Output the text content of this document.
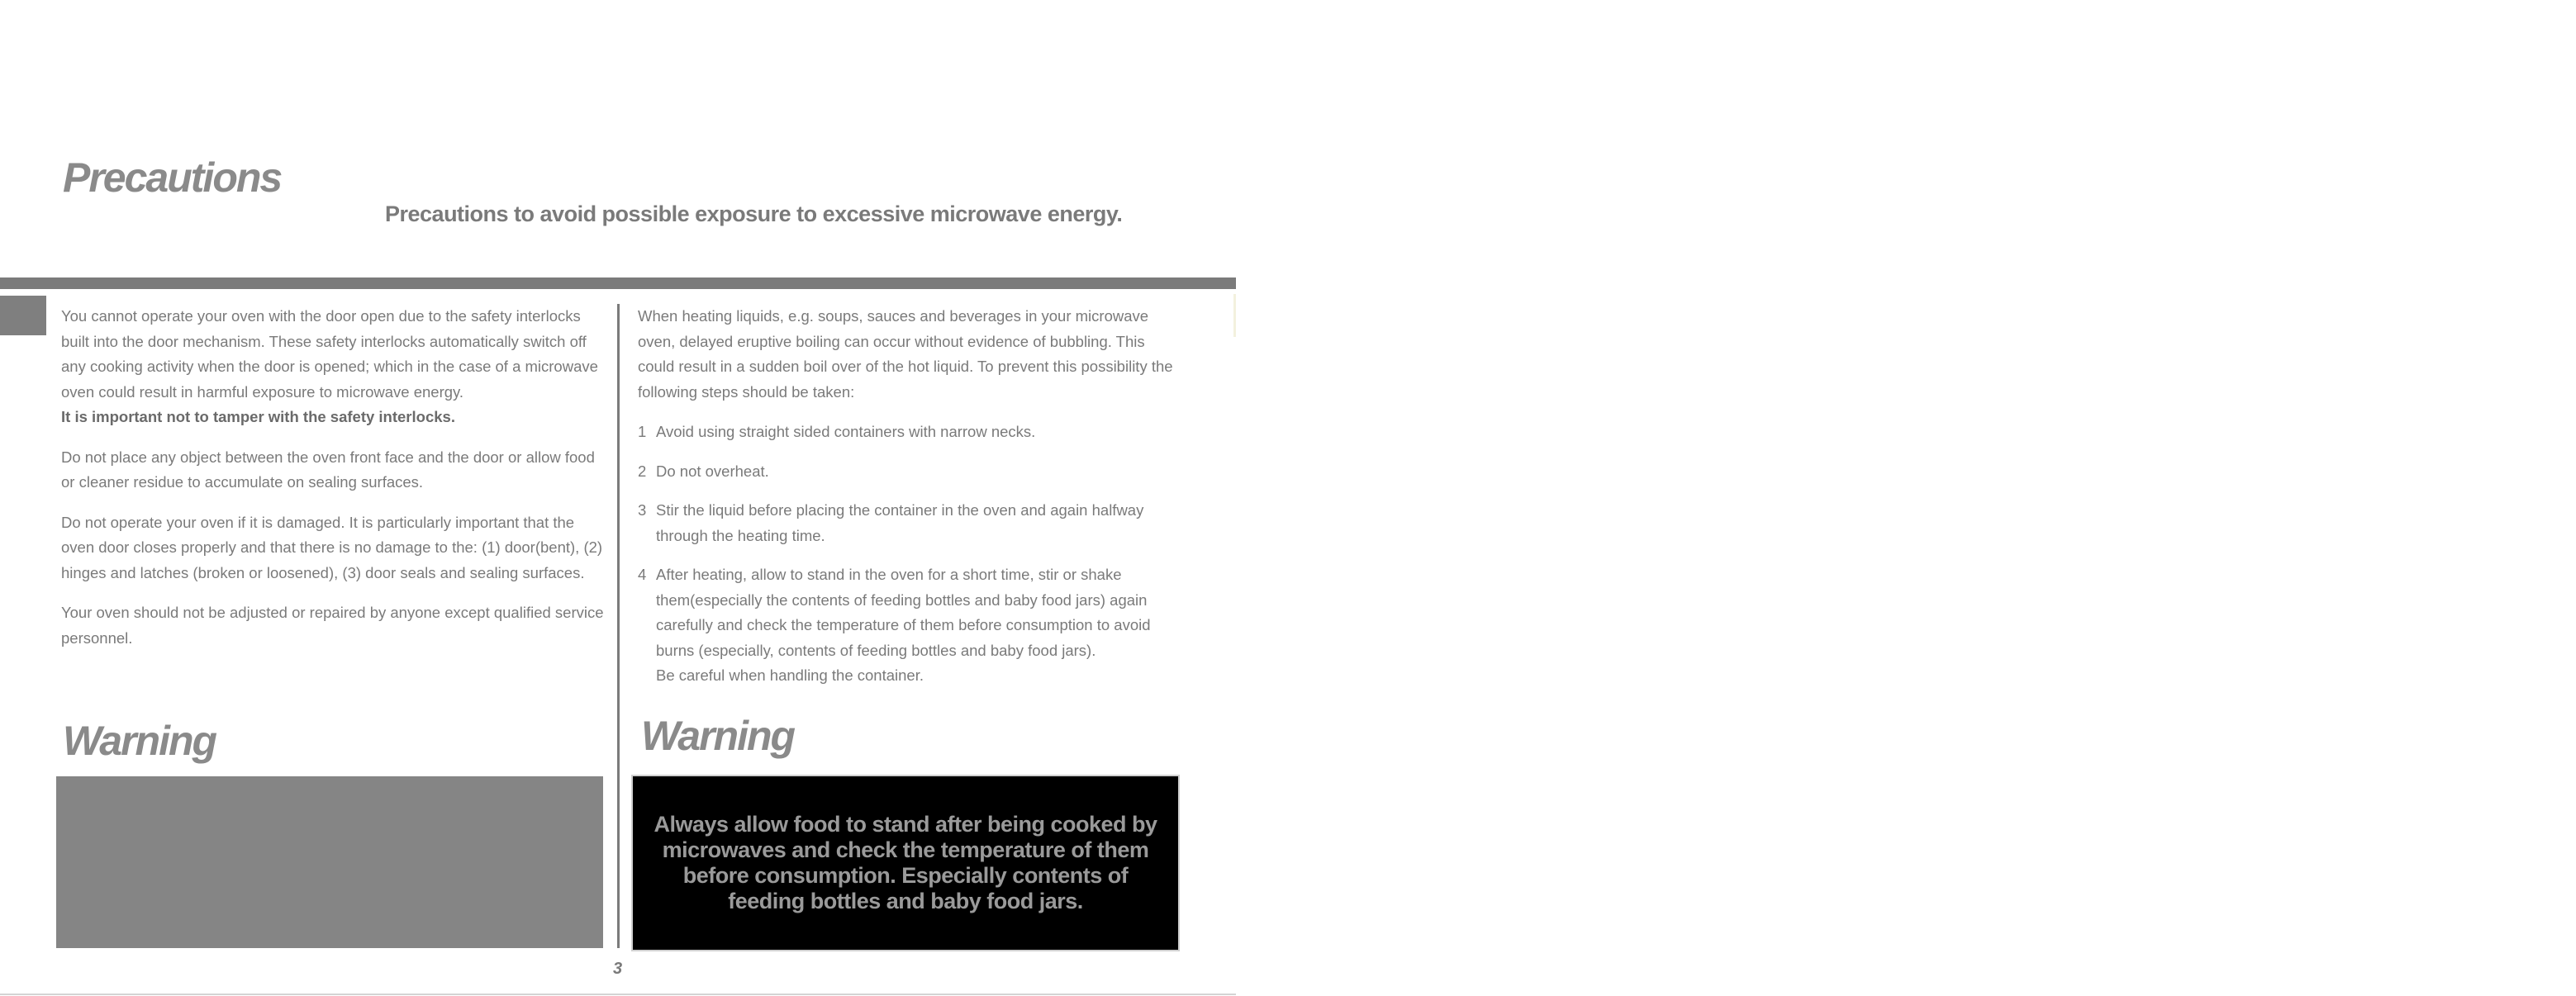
Precautions
Precautions to avoid possible exposure to excessive microwave energy.

You cannot operate your oven with the door open due to the safety interlocks built into the door mechanism. These safety interlocks automatically switch off any cooking activity when the door is opened; which in the case of a microwave oven could result in harmful exposure to microwave energy.

It is important not to tamper with the safety interlocks.

Do not place any object between the oven front face and the door or allow food or cleaner residue to accumulate on sealing surfaces.

Do not operate your oven if it is damaged. It is particularly important that the oven door closes properly and that there is no damage to the: (1) door(bent), (2) hinges and latches (broken or loosened), (3) door seals and sealing surfaces.

Your oven should not be adjusted or repaired by anyone except qualified service personnel.

When heating liquids, e.g. soups, sauces and beverages in your microwave oven, delayed eruptive boiling can occur without evidence of bubbling. This could result in a sudden boil over of the hot liquid. To prevent this possibility the following steps should be taken:

1 Avoid using straight sided containers with narrow necks.
2 Do not overheat.
3 Stir the liquid before placing the container in the oven and again halfway through the heating time.
4 After heating, allow to stand in the oven for a short time, stir or shake them(especially the contents of feeding bottles and baby food jars) again carefully and check the temperature of them before consumption to avoid burns (especially, contents of feeding bottles and baby food jars).
Be careful when handling the container.
Warning	Warning
Always allow food to stand after being cooked by microwaves and check the temperature of them before consumption. Especially contents of feeding bottles and baby food jars.
3
